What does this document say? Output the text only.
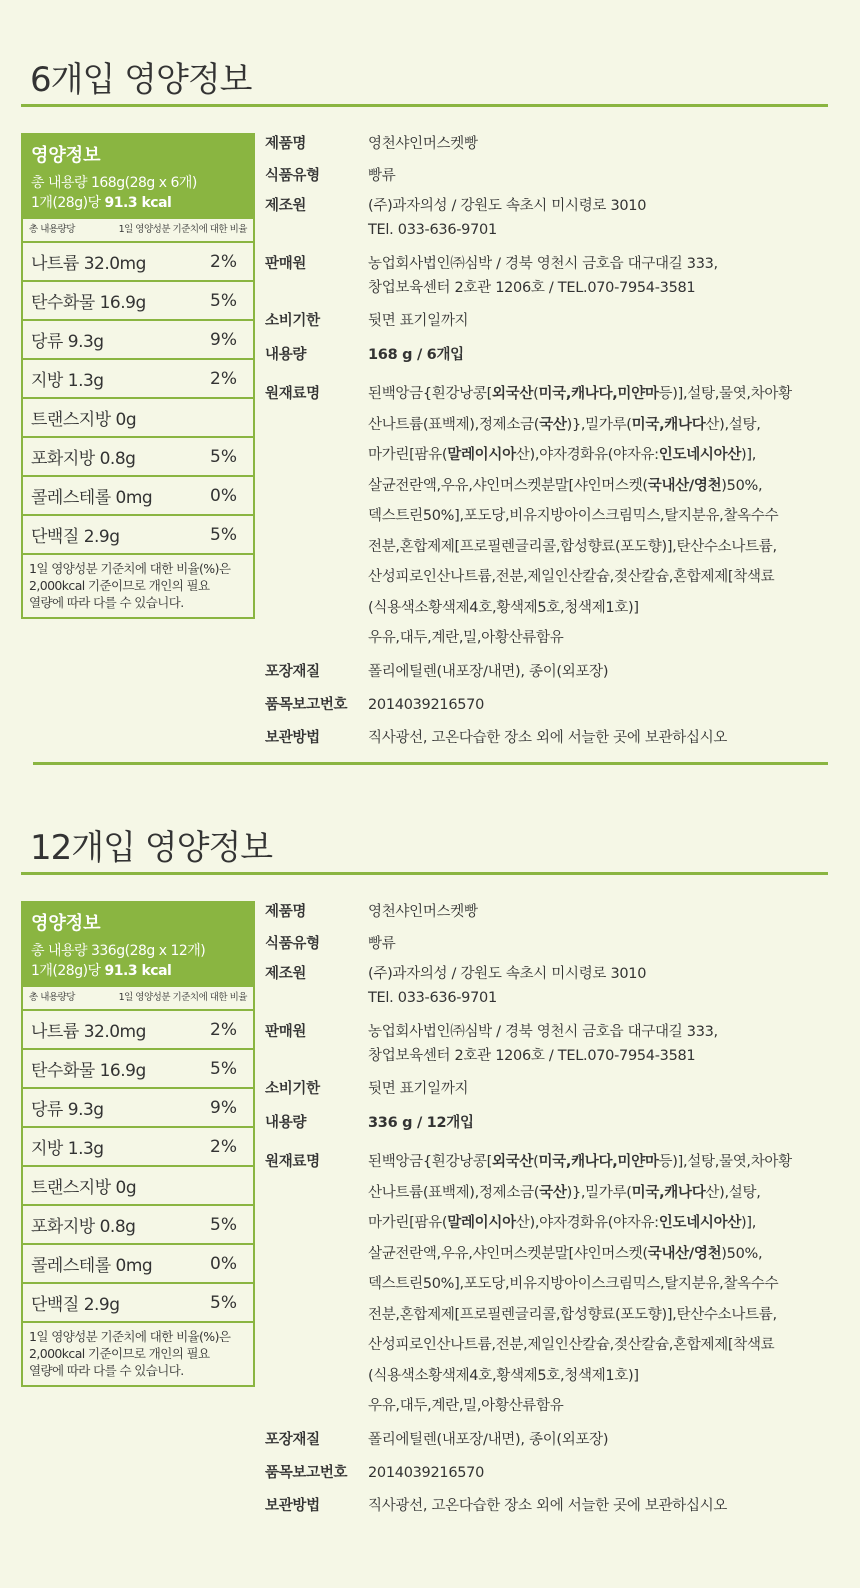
6개입 영양정보
영양정보
총 내용량 168g(28g x 6개)
1개(28g)당 91.3 kcal
총 내용량당	1일 영양성분 기준치에 대한 비율
나트륨 32.0mg	2%
탄수화물 16.9g	5%
당류 9.3g	9%
지방 1.3g	2%
트랜스지방 0g
포화지방 0.8g	5%
콜레스테롤 0mg	0%
단백질 2.9g	5%
1일 영양성분 기준치에 대한 비율(%)은
2,000kcal 기준이므로 개인의 필요
열량에 따라 다를 수 있습니다.
제품명	영천샤인머스켓빵
식품유형	빵류
제조원	(주)과자의성 / 강원도 속초시 미시령로 3010
TEl. 033-636-9701
판매원	농업회사법인㈜심박 / 경북 영천시 금호읍 대구대길 333,
창업보육센터 2호관 1206호 / TEL.070-7954-3581
소비기한	뒷면 표기일까지
내용량	168 g / 6개입
원재료명	된백앙금{흰강낭콩[외국산(미국,캐나다,미얀마등)],설탕,물엿,차아황
산나트륨(표백제),정제소금(국산)},밀가루(미국,캐나다산),설탕,
마가린[팜유(말레이시아산),야자경화유(야자유:인도네시아산)],
살균전란액,우유,샤인머스켓분말[샤인머스켓(국내산/영천)50%,
덱스트린50%],포도당,비유지방아이스크림믹스,탈지분유,찰옥수수
전분,혼합제제[프로필렌글리콜,합성향료(포도향)],탄산수소나트륨,
산성피로인산나트륨,전분,제일인산칼슘,젖산칼슘,혼합제제[착색료
(식용색소황색제4호,황색제5호,청색제1호)]
우유,대두,계란,밀,아황산류함유
포장재질	폴리에틸렌(내포장/내면), 종이(외포장)
품목보고번호	2014039216570
보관방법	직사광선, 고온다습한 장소 외에 서늘한 곳에 보관하십시오
12개입 영양정보
영양정보
총 내용량 336g(28g x 12개)
1개(28g)당 91.3 kcal
총 내용량당	1일 영양성분 기준치에 대한 비율
나트륨 32.0mg	2%
탄수화물 16.9g	5%
당류 9.3g	9%
지방 1.3g	2%
트랜스지방 0g
포화지방 0.8g	5%
콜레스테롤 0mg	0%
단백질 2.9g	5%
1일 영양성분 기준치에 대한 비율(%)은
2,000kcal 기준이므로 개인의 필요
열량에 따라 다를 수 있습니다.
제품명	영천샤인머스켓빵
식품유형	빵류
제조원	(주)과자의성 / 강원도 속초시 미시령로 3010
TEl. 033-636-9701
판매원	농업회사법인㈜심박 / 경북 영천시 금호읍 대구대길 333,
창업보육센터 2호관 1206호 / TEL.070-7954-3581
소비기한	뒷면 표기일까지
내용량	336 g / 12개입
원재료명	된백앙금{흰강낭콩[외국산(미국,캐나다,미얀마등)],설탕,물엿,차아황
산나트륨(표백제),정제소금(국산)},밀가루(미국,캐나다산),설탕,
마가린[팜유(말레이시아산),야자경화유(야자유:인도네시아산)],
살균전란액,우유,샤인머스켓분말[샤인머스켓(국내산/영천)50%,
덱스트린50%],포도당,비유지방아이스크림믹스,탈지분유,찰옥수수
전분,혼합제제[프로필렌글리콜,합성향료(포도향)],탄산수소나트륨,
산성피로인산나트륨,전분,제일인산칼슘,젖산칼슘,혼합제제[착색료
(식용색소황색제4호,황색제5호,청색제1호)]
우유,대두,계란,밀,아황산류함유
포장재질	폴리에틸렌(내포장/내면), 종이(외포장)
품목보고번호	2014039216570
보관방법	직사광선, 고온다습한 장소 외에 서늘한 곳에 보관하십시오
